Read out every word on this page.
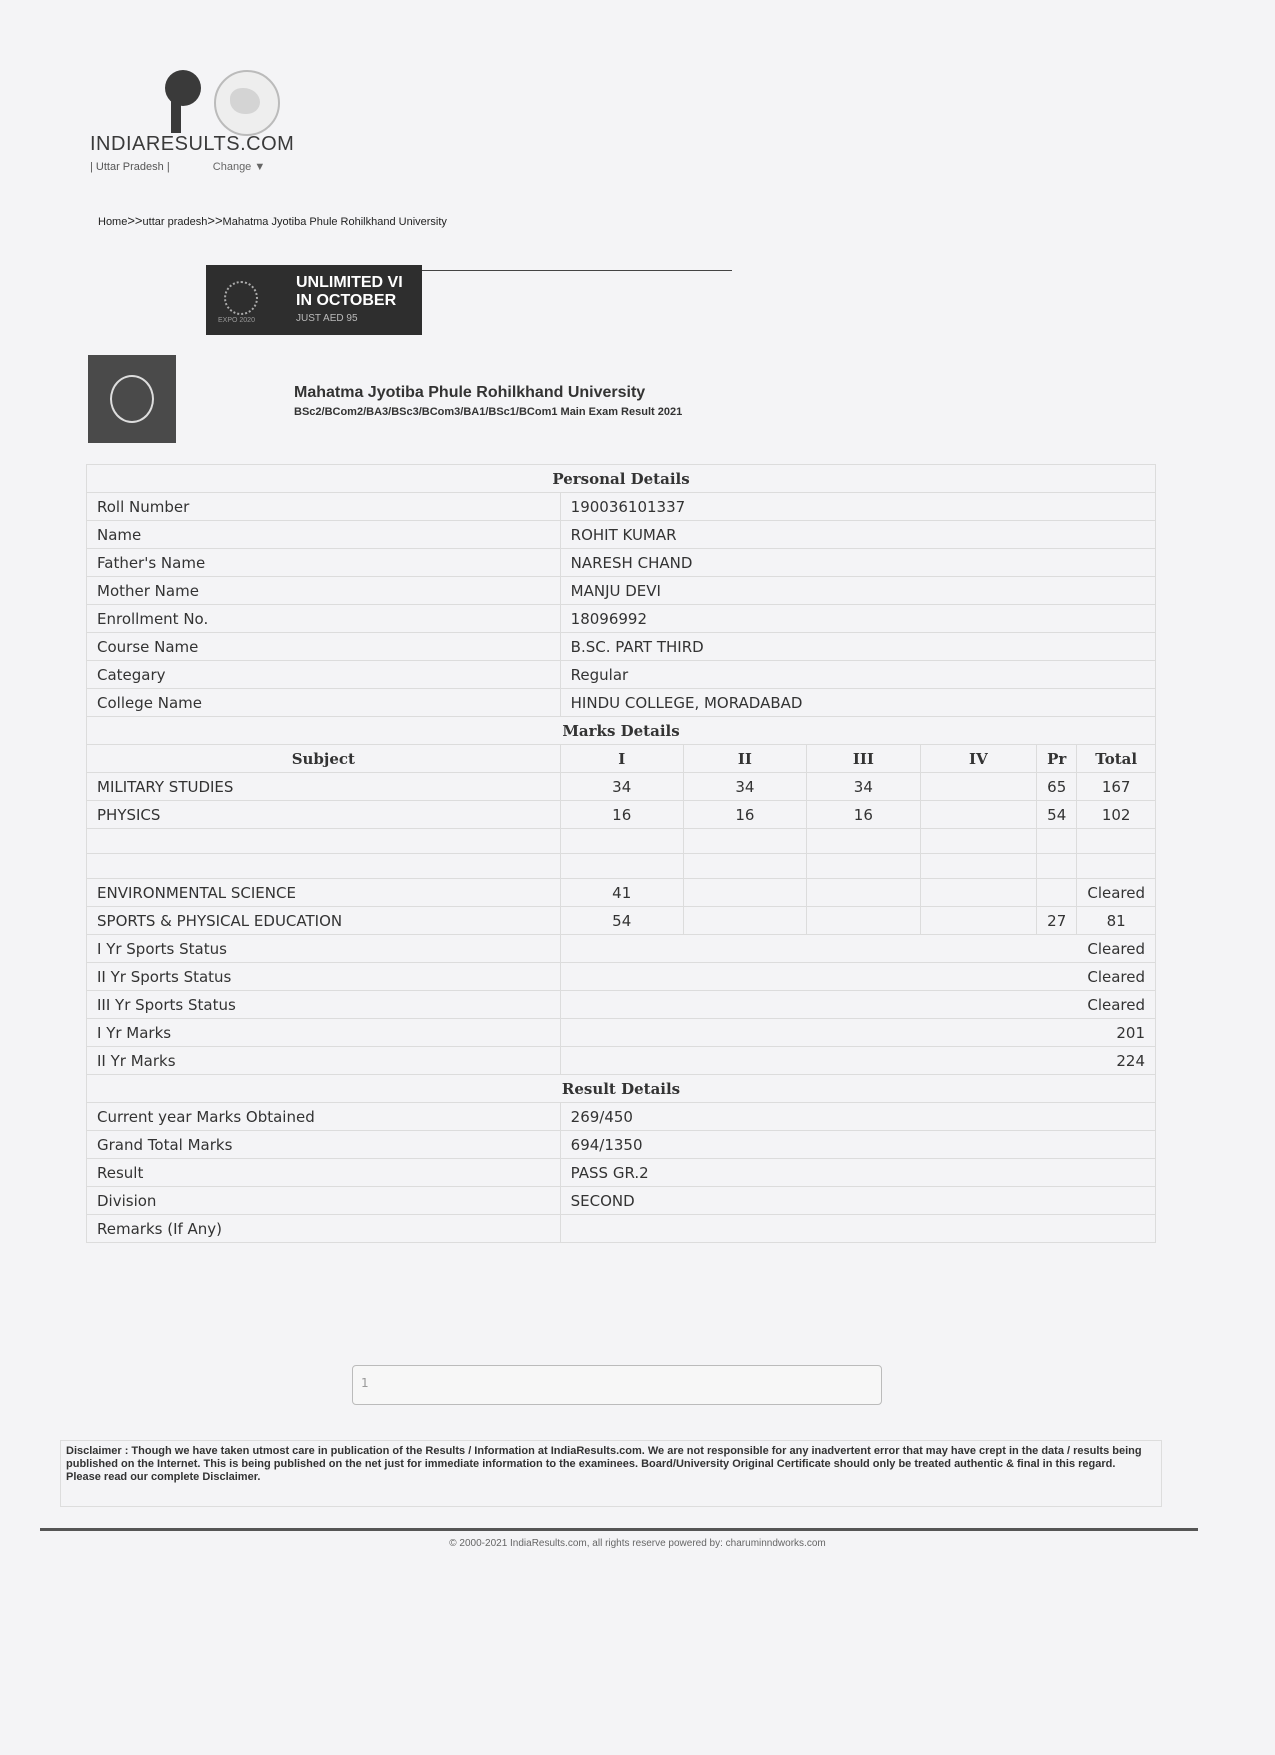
INDIARESULTS.COM
| Uttar Pradesh |	Change ▼
Home>>uttar pradesh>>Mahatma Jyotiba Phule Rohilkhand University
EXPO 2020
UNLIMITED VI
IN OCTOBER
JUST AED 95
Mahatma Jyotiba Phule Rohilkhand University
BSc2/BCom2/BA3/BSc3/BCom3/BA1/BSc1/BCom1 Main Exam Result 2021
Personal Details						
Roll Number	190036101337					
Name	ROHIT KUMAR					
Father's Name	NARESH CHAND					
Mother Name	MANJU DEVI					
Enrollment No.	18096992					
Course Name	B.SC. PART THIRD					
Categary	Regular					
College Name	HINDU COLLEGE, MORADABAD					
Marks Details						
Subject	I	II	III	IV	Pr	Total
MILITARY STUDIES	34	34	34		65	167
PHYSICS	16	16	16		54	102

ENVIRONMENTAL SCIENCE	41					Cleared
SPORTS & PHYSICAL EDUCATION	54				27	81
I Yr Sports Status	Cleared					
II Yr Sports Status	Cleared					
III Yr Sports Status	Cleared					
I Yr Marks	201					
II Yr Marks	224					
Result Details						
Current year Marks Obtained	269/450					
Grand Total Marks	694/1350					
Result	PASS GR.2					
Division	SECOND					
Remarks (If Any)						
1
Disclaimer : Though we have taken utmost care in publication of the Results / Information at IndiaResults.com. We are not responsible for any inadvertent error that may have crept in the data / results being published on the Internet. This is being published on the net just for immediate information to the examinees. Board/University Original Certificate should only be treated authentic & final in this regard. Please read our complete Disclaimer.
© 2000-2021 IndiaResults.com, all rights reserve powered by: charuminndworks.com
